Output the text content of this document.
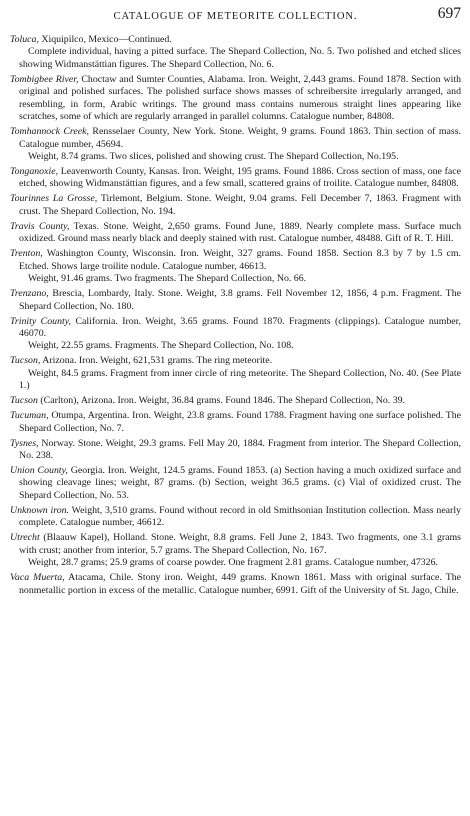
CATALOGUE OF METEORITE COLLECTION.	697
Toluca, Xiquipilco, Mexico—Continued.
Complete individual, having a pitted surface. The Shepard Collection, No. 5. Two polished and etched slices showing Widmanstättian figures. The Shepard Collection, No. 6.
Tombigbee River, Choctaw and Sumter Counties, Alabama. Iron. Weight, 2,443 grams. Found 1878. Section with original and polished surfaces. The polished surface shows masses of schreibersite irregularly arranged, and resembling, in form, Arabic writings. The ground mass contains numerous straight lines appearing like scratches, some of which are regularly arranged in parallel columns. Catalogue number, 84808.
Tomhannock Creek, Rensselaer County, New York. Stone. Weight, 9 grams. Found 1863. Thin section of mass. Catalogue number, 45694.
Weight, 8.74 grams. Two slices, polished and showing crust. The Shepard Collection, No.195.
Tonganoxie, Leavenworth County, Kansas. Iron. Weight, 195 grams. Found 1886. Cross section of mass, one face etched, showing Widmanstättian figures, and a few small, scattered grains of troilite. Catalogue number, 84808.
Tourinnes La Grosse, Tirlemont, Belgium. Stone. Weight, 9.04 grams. Fell December 7, 1863. Fragment with crust. The Shepard Collection, No. 194.
Travis County, Texas. Stone. Weight, 2,650 grams. Found June, 1889. Nearly complete mass. Surface much oxidized. Ground mass nearly black and deeply stained with rust. Catalogue number, 48488. Gift of R. T. Hill.
Trenton, Washington County, Wisconsin. Iron. Weight, 327 grams. Found 1858. Section 8.3 by 7 by 1.5 cm. Etched. Shows large troilite nodule. Catalogue number, 46613.
Weight, 91.46 grams. Two fragments. The Shepard Collection, No. 66.
Trenzano, Brescia, Lombardy, Italy. Stone. Weight, 3.8 grams. Fell November 12, 1856, 4 p.m. Fragment. The Shepard Collection, No. 180.
Trinity County, California. Iron. Weight, 3.65 grams. Found 1870. Fragments (clippings). Catalogue number, 46070.
Weight, 22.55 grams. Fragments. The Shepard Collection, No. 108.
Tucson, Arizona. Iron. Weight, 621,531 grams. The ring meteorite.
Weight, 84.5 grams. Fragment from inner circle of ring meteorite. The Shepard Collection, No. 40. (See Plate 1.)
Tucson (Carlton), Arizona. Iron. Weight, 36.84 grams. Found 1846. The Shepard Collection, No. 39.
Tucuman, Otumpa, Argentina. Iron. Weight, 23.8 grams. Found 1788. Fragment having one surface polished. The Shepard Collection, No. 7.
Tysnes, Norway. Stone. Weight, 29.3 grams. Fell May 20, 1884. Fragment from interior. The Shepard Collection, No. 238.
Union County, Georgia. Iron. Weight, 124.5 grams. Found 1853. (a) Section having a much oxidized surface and showing cleavage lines; weight, 87 grams. (b) Section, weight 36.5 grams. (c) Vial of oxidized crust. The Shepard Collection, No. 53.
Unknown iron. Weight, 3,510 grams. Found without record in old Smithsonian Institution collection. Mass nearly complete. Catalogue number, 46612.
Utrecht (Blaauw Kapel), Holland. Stone. Weight, 8.8 grams. Fell June 2, 1843. Two fragments, one 3.1 grams with crust; another from interior, 5.7 grams. The Shepard Collection, No. 167.
Weight, 28.7 grams; 25.9 grams of coarse powder. One fragment 2.81 grams. Catalogue number, 47326.
Vaca Muerta, Atacama, Chile. Stony iron. Weight, 449 grams. Known 1861. Mass with original surface. The nonmetallic portion in excess of the metallic. Catalogue number, 6991. Gift of the University of St. Jago, Chile.
